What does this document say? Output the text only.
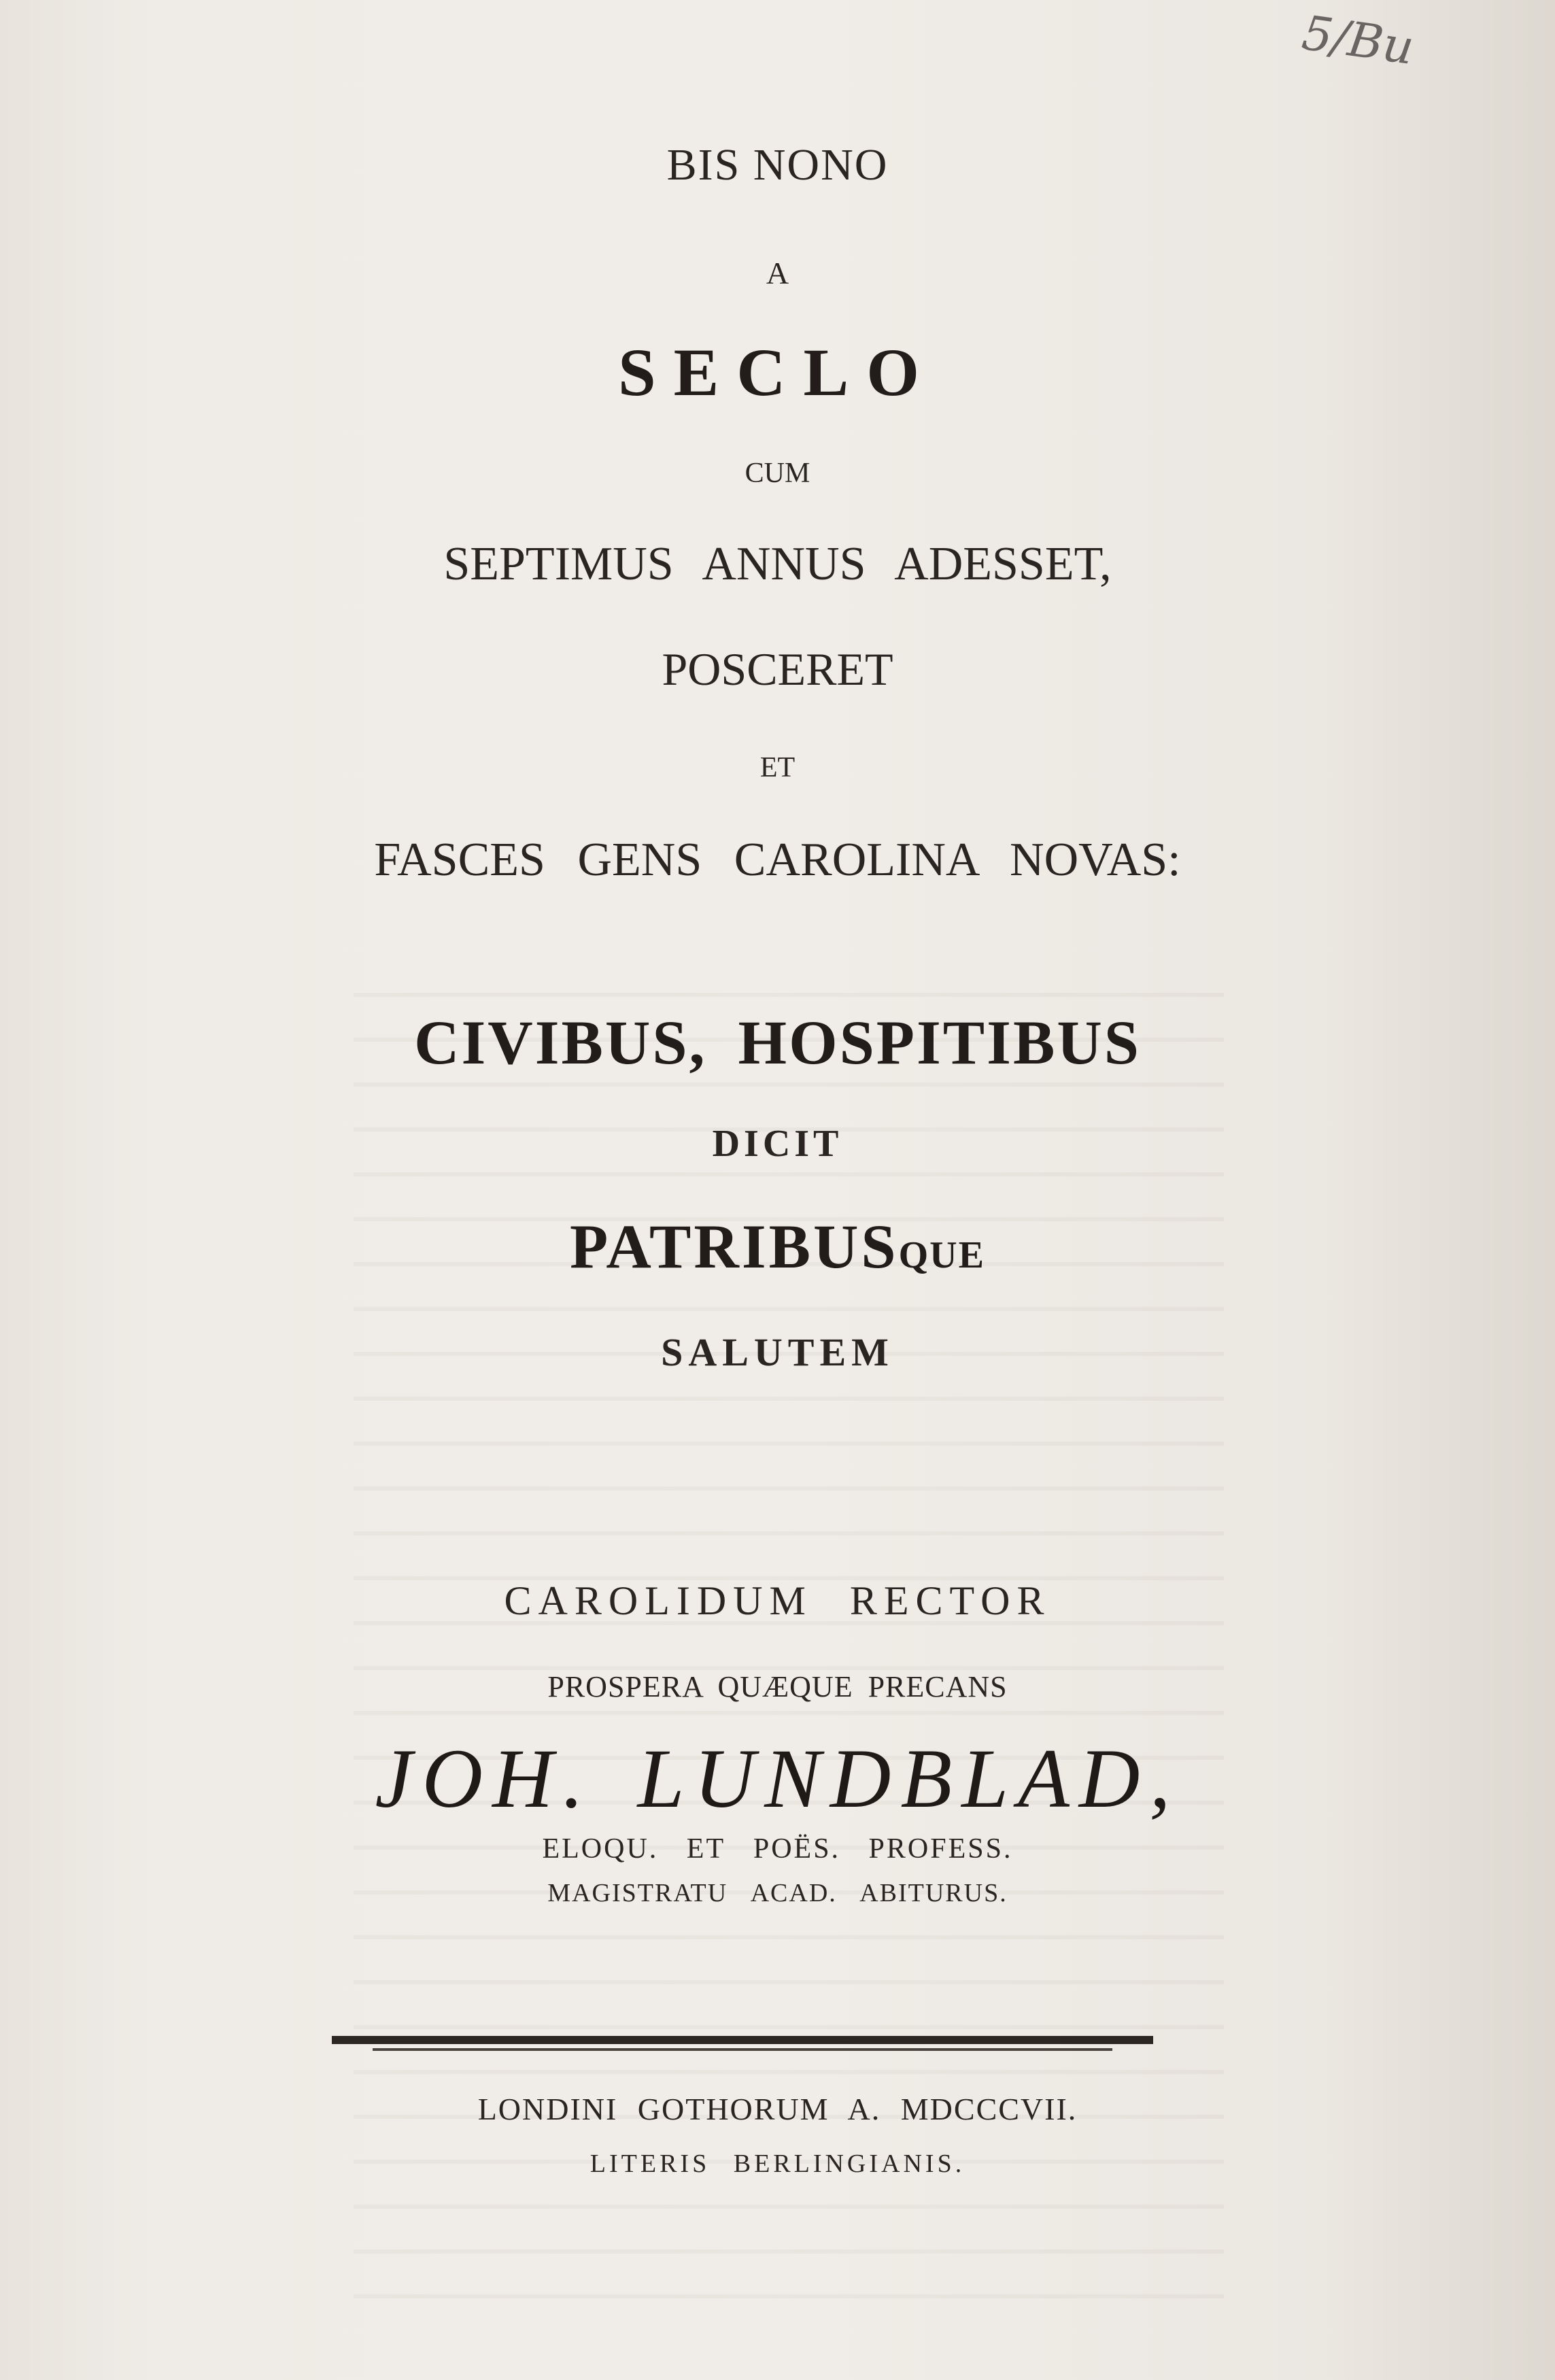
5/Bu
BIS NONO
A
SECLO
CUM
SEPTIMUS ANNUS ADESSET,
POSCERET
ET
FASCES GENS CAROLINA NOVAS:
CIVIBUS, HOSPITIBUS
DICIT
PATRIBUSQUE
SALUTEM
CAROLIDUM RECTOR
PROSPERA QUÆQUE PRECANS
JOH. LUNDBLAD,
ELOQU. ET POËS. PROFESS.
MAGISTRATU ACAD. ABITURUS.
LONDINI GOTHORUM A. MDCCCVII.
LITERIS BERLINGIANIS.
